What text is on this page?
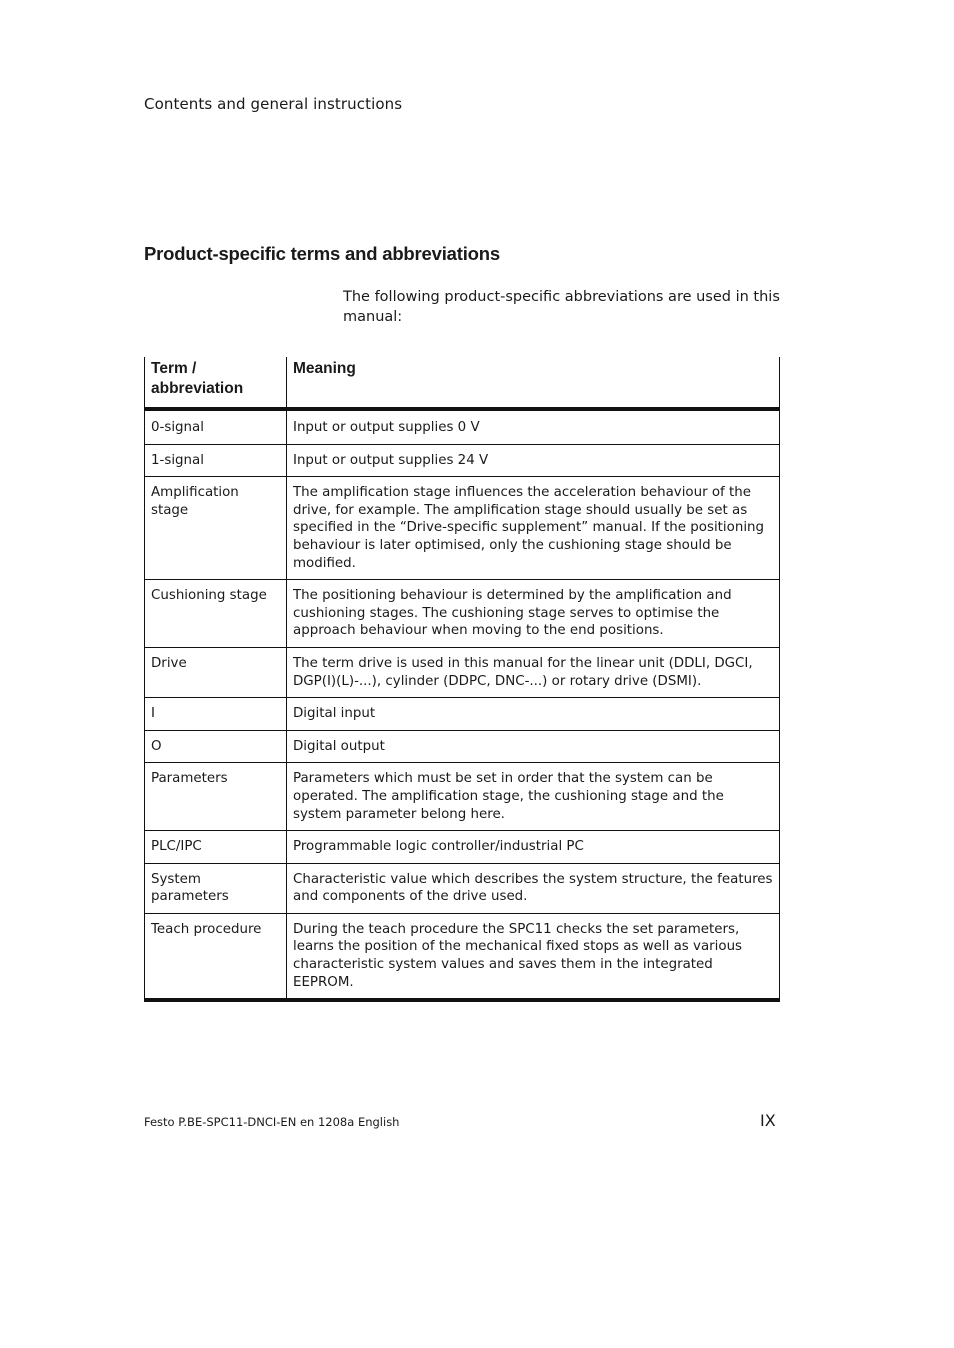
Contents and general instructions
Product-specific terms and abbreviations

The following product-specific abbreviations are used in this manual:

Term / abbreviation	Meaning
0-signal	Input or output supplies 0 V
1-signal	Input or output supplies 24 V
Amplification stage	The amplification stage influences the acceleration behaviour of the drive, for example. The amplification stage should usually be set as specified in the “Drive-specific supplement” manual. If the positioning behaviour is later optimised, only the cushioning stage should be modified.
Cushioning stage	The positioning behaviour is determined by the amplification and cushioning stages. The cushioning stage serves to optimise the approach behaviour when moving to the end positions.
Drive	The term drive is used in this manual for the linear unit (DDLI, DGCI, DGP(I)(L)-...), cylinder (DDPC, DNC-...) or rotary drive (DSMI).
I	Digital input
O	Digital output
Parameters	Parameters which must be set in order that the system can be operated. The amplification stage, the cushioning stage and the system parameter belong here.
PLC/IPC	Programmable logic controller/industrial PC
System parameters	Characteristic value which describes the system structure, the features and components of the drive used.
Teach procedure	During the teach procedure the SPC11 checks the set parameters, learns the position of the mechanical fixed stops as well as various characteristic system values and saves them in the integrated EEPROM.
Festo P.BE-SPC11-DNCI-EN en 1208a English	IX
